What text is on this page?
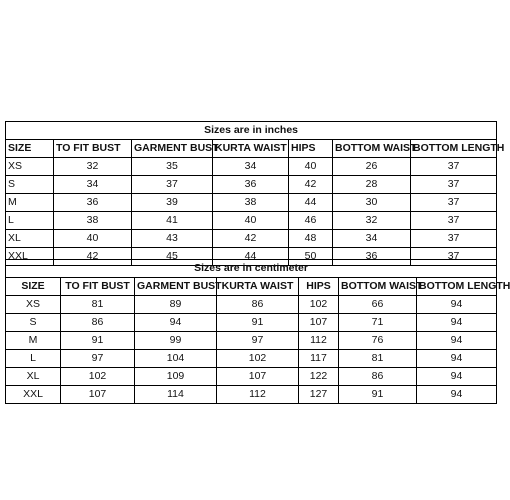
Sizes are in inches						
SIZE	TO FIT BUST	GARMENT BUST	KURTA WAIST	HIPS	BOTTOM WAIST	BOTTOM LENGTH
XS	32	35	34	40	26	37
S	34	37	36	42	28	37
M	36	39	38	44	30	37
L	38	41	40	46	32	37
XL	40	43	42	48	34	37
XXL	42	45	44	50	36	37
Sizes are in centimeter						
SIZE	TO FIT BUST	GARMENT BUST	KURTA WAIST	HIPS	BOTTOM WAIST	BOTTOM LENGTH
XS	81	89	86	102	66	94
S	86	94	91	107	71	94
M	91	99	97	112	76	94
L	97	104	102	117	81	94
XL	102	109	107	122	86	94
XXL	107	114	112	127	91	94
